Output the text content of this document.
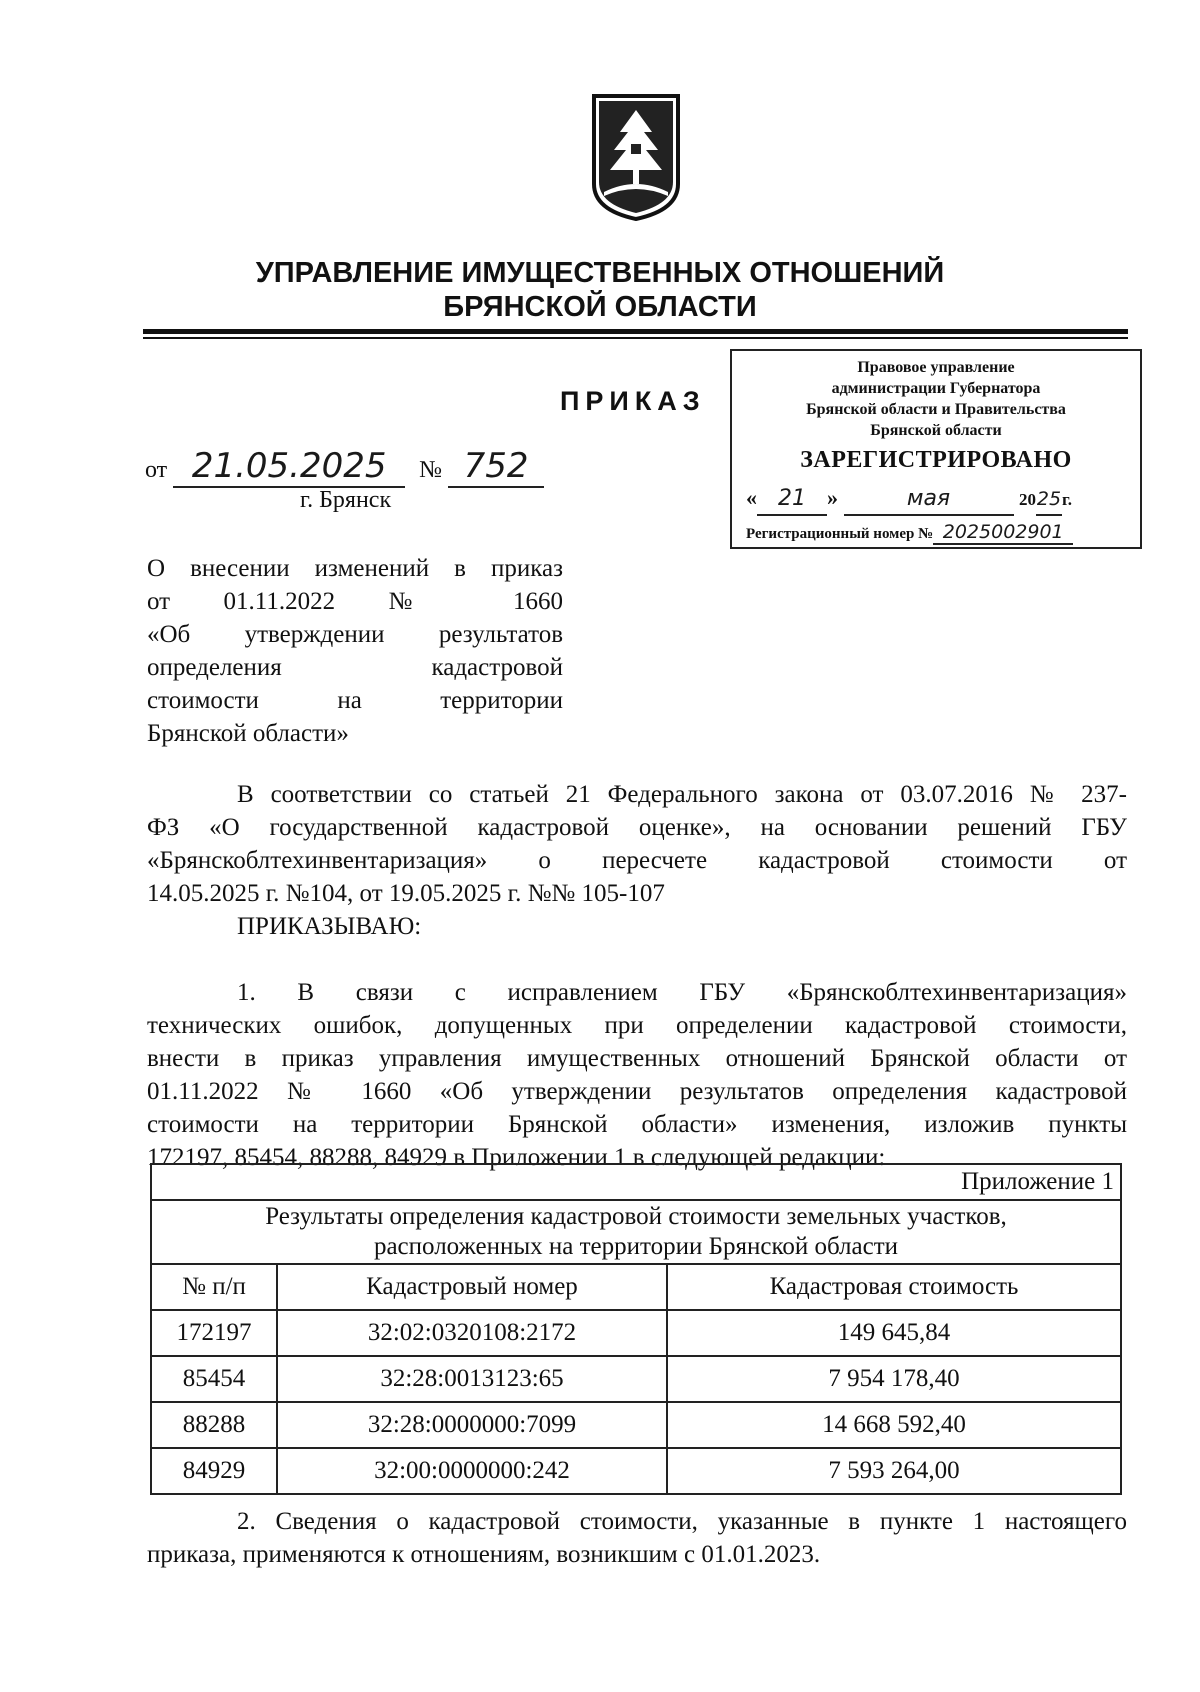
УПРАВЛЕНИЕ ИМУЩЕСТВЕННЫХ ОТНОШЕНИЙ
БРЯНСКОЙ ОБЛАСТИ
Правовое управление
администрации Губернатора
Брянской области и Правительства
Брянской области
ЗАРЕГИСТРИРОВАНО
« 21 »	мая	2025г.
Регистрационный номер № 2025002901
ПРИКАЗ
от 21.05.2025 № 752
г. Брянск
О внесении изменений в приказ
от 01.11.2022 № 1660
«Об утверждении результатов
определения кадастровой
стоимости на территории
Брянской области»
В соответствии со статьей 21 Федерального закона от 03.07.2016 № 237-
ФЗ «О государственной кадастровой оценке», на основании решений ГБУ
«Брянскоблтехинвентаризация» о пересчете кадастровой стоимости от
14.05.2025 г. №104, от 19.05.2025 г. №№ 105-107
ПРИКАЗЫВАЮ:
1. В связи с исправлением ГБУ «Брянскоблтехинвентаризация»
технических ошибок, допущенных при определении кадастровой стоимости,
внести в приказ управления имущественных отношений Брянской области от
01.11.2022 № 1660 «Об утверждении результатов определения кадастровой
стоимости на территории Брянской области» изменения, изложив пункты
172197, 85454, 88288, 84929 в Приложении 1 в следующей редакции:
Приложение 1		

Результаты определения кадастровой стоимости земельных участков,
расположенных на территории Брянской области		

№ п/п	Кадастровый номер	Кадастровая стоимость
172197	32:02:0320108:2172	149 645,84
85454	32:28:0013123:65	7 954 178,40
88288	32:28:0000000:7099	14 668 592,40
84929	32:00:0000000:242	7 593 264,00
2. Сведения о кадастровой стоимости, указанные в пункте 1 настоящего
приказа, применяются к отношениям, возникшим с 01.01.2023.
